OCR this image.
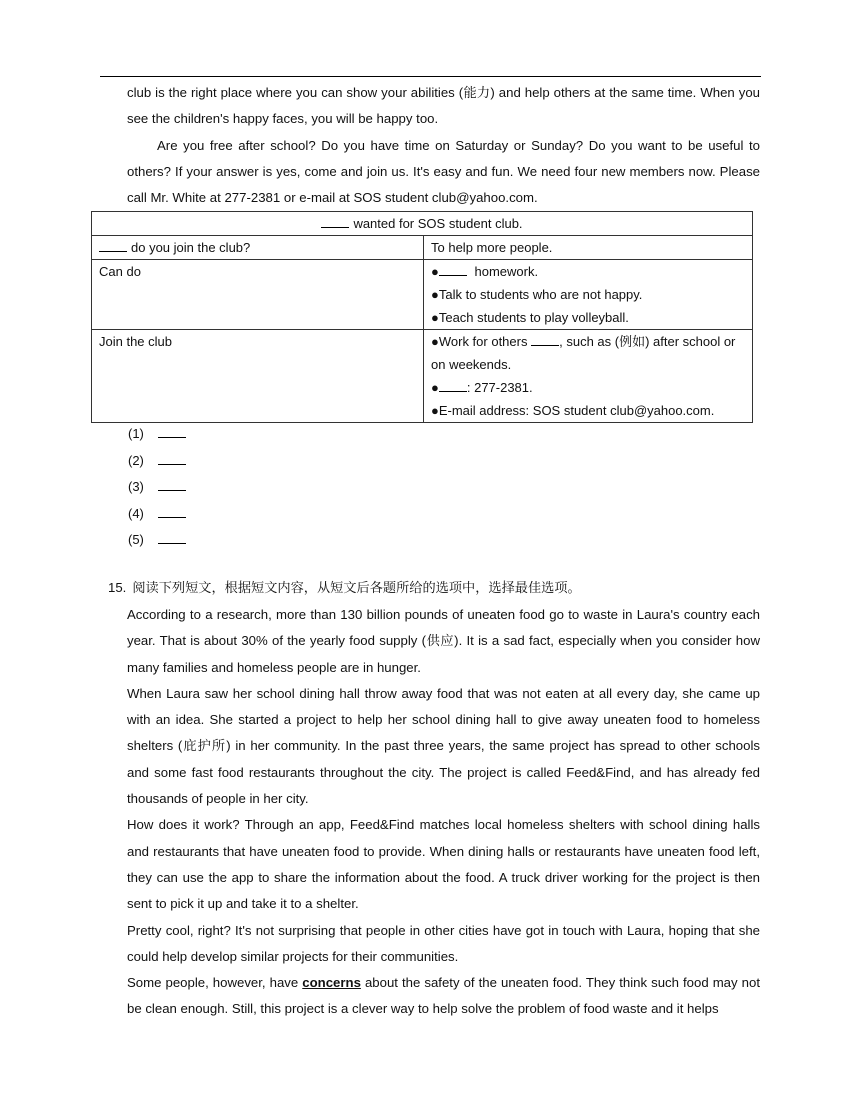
club is the right place where you can show your abilities (能力) and help others at the same time. When you see the children's happy faces, you will be happy too.

Are you free after school? Do you have time on Saturday or Sunday? Do you want to be useful to others? If your answer is yes, come and join us. It's easy and fun. We need four new members now. Please call Mr. White at 277-2381 or e-mail at SOS student club@yahoo.com.

wanted for SOS student club.	
do you join the club?	To help more people.
Can do	● homework.
●Talk to students who are not happy.
●Teach students to play volleyball.

Join the club	●Work for others , such as (例如) after school or on weekends.
● : 277-2381.
●E-mail address: SOS student club@yahoo.com.
(1)
(2)
(3)
(4)
(5)
15. 阅读下列短文，根据短文内容，从短文后各题所给的选项中，选择最佳选项。

According to a research, more than 130 billion pounds of uneaten food go to waste in Laura's country each year. That is about 30% of the yearly food supply (供应). It is a sad fact, especially when you consider how many families and homeless people are in hunger.

When Laura saw her school dining hall throw away food that was not eaten at all every day, she came up with an idea. She started a project to help her school dining hall to give away uneaten food to homeless shelters (庇护所) in her community. In the past three years, the same project has spread to other schools and some fast food restaurants throughout the city. The project is called Feed&Find, and has already fed thousands of people in her city.

How does it work? Through an app, Feed&Find matches local homeless shelters with school dining halls and restaurants that have uneaten food to provide. When dining halls or restaurants have uneaten food left, they can use the app to share the information about the food. A truck driver working for the project is then sent to pick it up and take it to a shelter.

Pretty cool, right? It's not surprising that people in other cities have got in touch with Laura, hoping that she could help develop similar projects for their communities.

Some people, however, have concerns about the safety of the uneaten food. They think such food may not be clean enough. Still, this project is a clever way to help solve the problem of food waste and it helps
